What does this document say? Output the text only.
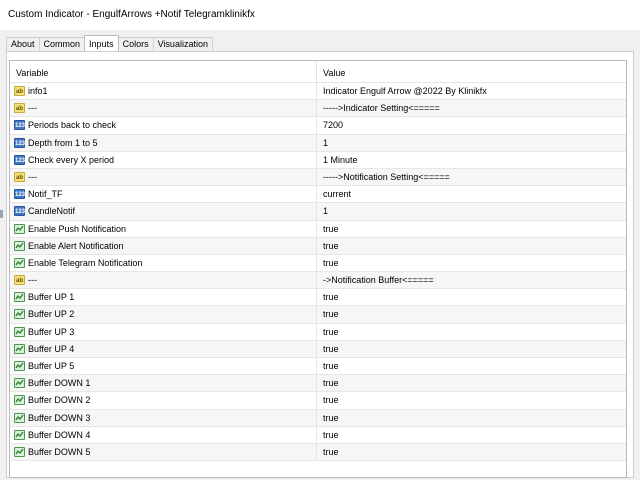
Custom Indicator - EngulfArrows +Notif Telegramklinikfx
About	Common	Inputs	Colors	Visualization
Variable	Value
ab info1	Indicator Engulf Arrow @2022 By Klinikfx
ab ---	----->Indicator Setting<=====
123 Periods back to check	7200
123 Depth from 1 to 5	1
123 Check every X period	1 Minute
ab ---	----->Notification Setting<=====
123 Notif_TF	current
123 CandleNotif	1
Enable Push Notification	true
Enable Alert Notification	true
Enable Telegram Notification	true
ab ---	->Notification Buffer<=====
Buffer UP 1	true
Buffer UP 2	true
Buffer UP 3	true
Buffer UP 4	true
Buffer UP 5	true
Buffer DOWN 1	true
Buffer DOWN 2	true
Buffer DOWN 3	true
Buffer DOWN 4	true
Buffer DOWN 5	true
